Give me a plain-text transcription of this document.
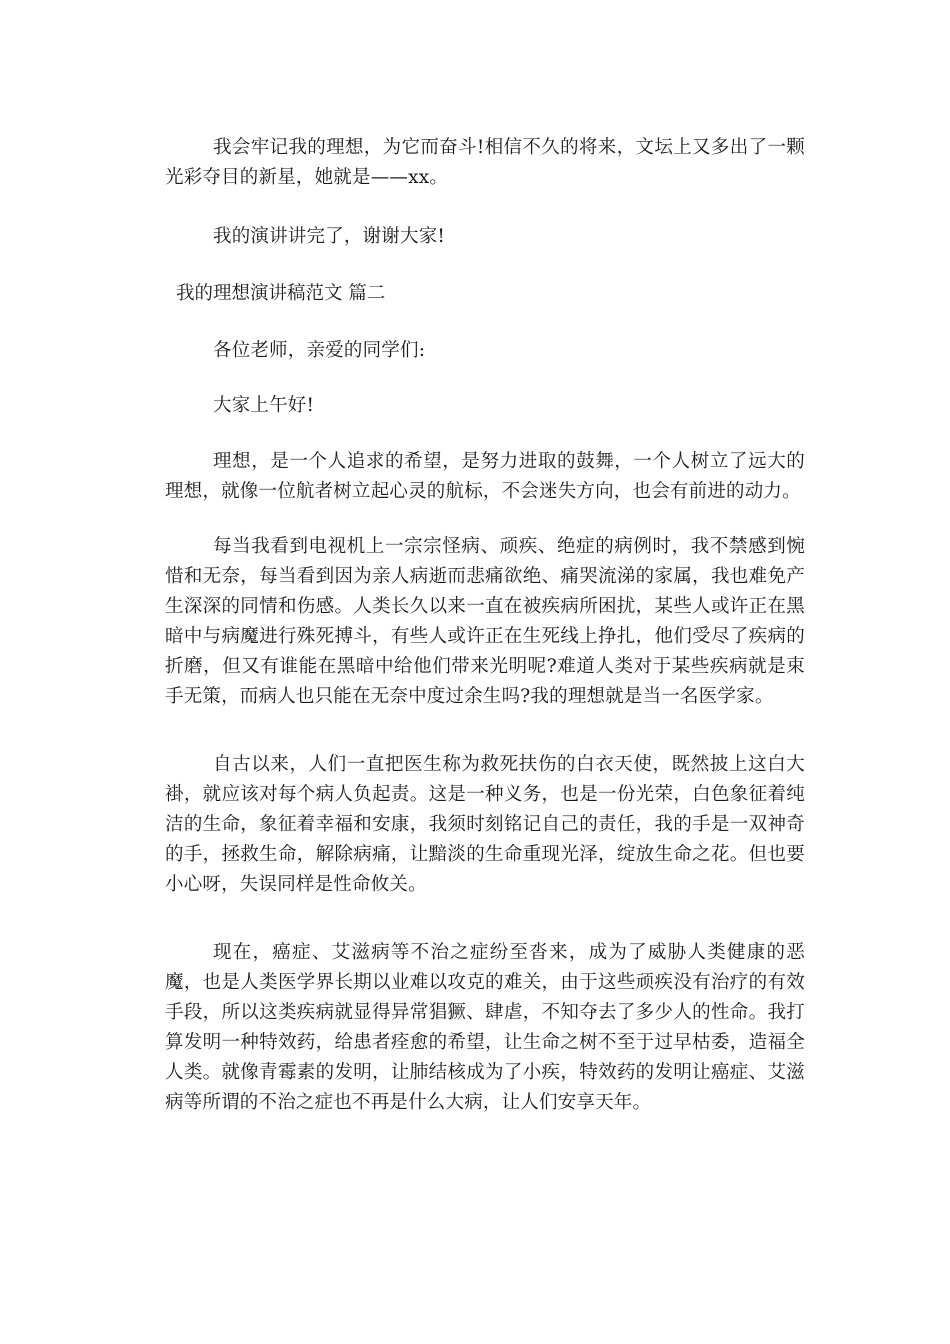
我会牢记我的理想，为它而奋斗!相信不久的将来，文坛上又多出了一颗光彩夺目的新星，她就是——xx。

我的演讲讲完了，谢谢大家!

我的理想演讲稿范文 篇二

各位老师，亲爱的同学们:

大家上午好!

理想，是一个人追求的希望，是努力进取的鼓舞，一个人树立了远大的理想，就像一位航者树立起心灵的航标，不会迷失方向，也会有前进的动力。

每当我看到电视机上一宗宗怪病、顽疾、绝症的病例时，我不禁感到惋惜和无奈，每当看到因为亲人病逝而悲痛欲绝、痛哭流涕的家属，我也难免产生深深的同情和伤感。人类长久以来一直在被疾病所困扰，某些人或许正在黑暗中与病魔进行殊死搏斗，有些人或许正在生死线上挣扎，他们受尽了疾病的折磨，但又有谁能在黑暗中给他们带来光明呢?难道人类对于某些疾病就是束手无策，而病人也只能在无奈中度过余生吗?我的理想就是当一名医学家。

自古以来，人们一直把医生称为救死扶伤的白衣天使，既然披上这白大褂，就应该对每个病人负起责。这是一种义务，也是一份光荣，白色象征着纯洁的生命，象征着幸福和安康，我须时刻铭记自己的责任，我的手是一双神奇的手，拯救生命，解除病痛，让黯淡的生命重现光泽，绽放生命之花。但也要小心呀，失误同样是性命攸关。

现在，癌症、艾滋病等不治之症纷至沓来，成为了威胁人类健康的恶魔，也是人类医学界长期以业难以攻克的难关，由于这些顽疾没有治疗的有效手段，所以这类疾病就显得异常猖獗、肆虐，不知夺去了多少人的性命。我打算发明一种特效药，给患者痊愈的希望，让生命之树不至于过早枯委，造福全人类。就像青霉素的发明，让肺结核成为了小疾，特效药的发明让癌症、艾滋病等所谓的不治之症也不再是什么大病，让人们安享天年。
